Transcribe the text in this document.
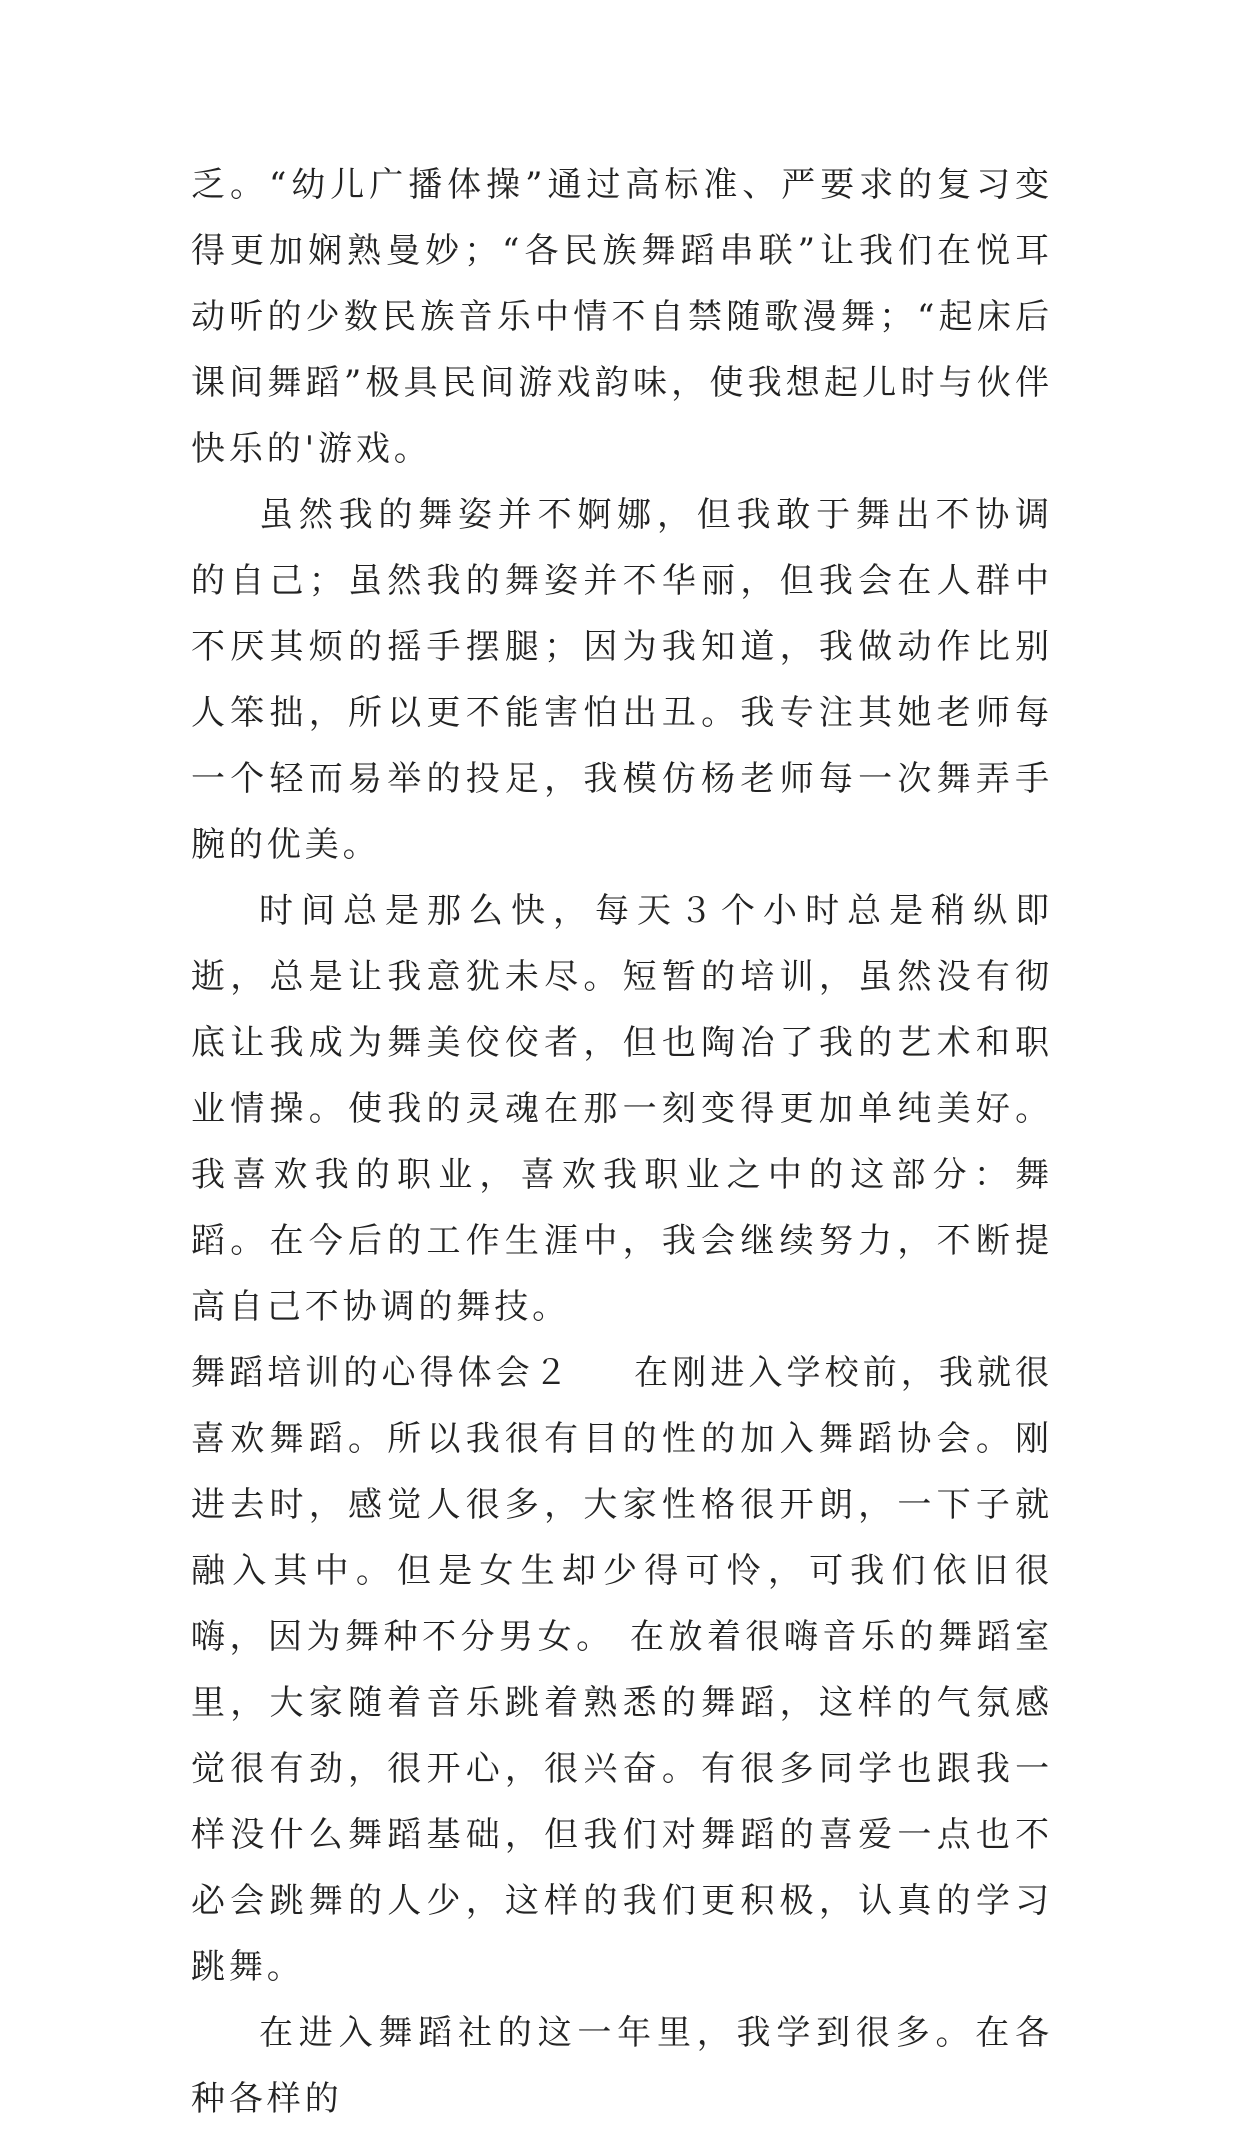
乏。“幼儿广播体操”通过高标准、严要求的复习变得更加娴熟曼妙；“各民族舞蹈串联”让我们在悦耳动听的少数民族音乐中情不自禁随歌漫舞；“起床后课间舞蹈”极具民间游戏韵味，使我想起儿时与伙伴快乐的'游戏。

虽然我的舞姿并不婀娜，但我敢于舞出不协调的自己；虽然我的舞姿并不华丽，但我会在人群中不厌其烦的摇手摆腿；因为我知道，我做动作比别人笨拙，所以更不能害怕出丑。我专注其她老师每一个轻而易举的投足，我模仿杨老师每一次舞弄手腕的优美。

时间总是那么快，每天３个小时总是稍纵即逝，总是让我意犹未尽。短暂的培训，虽然没有彻底让我成为舞美佼佼者，但也陶冶了我的艺术和职业情操。使我的灵魂在那一刻变得更加单纯美好。我喜欢我的职业，喜欢我职业之中的这部分：舞蹈。在今后的工作生涯中，我会继续努力，不断提高自己不协调的舞技。

舞蹈培训的心得体会２ 在刚进入学校前，我就很喜欢舞蹈。所以我很有目的性的加入舞蹈协会。刚进去时，感觉人很多，大家性格很开朗，一下子就融入其中。但是女生却少得可怜，可我们依旧很嗨，因为舞种不分男女。 在放着很嗨音乐的舞蹈室里，大家随着音乐跳着熟悉的舞蹈，这样的气氛感觉很有劲，很开心，很兴奋。有很多同学也跟我一样没什么舞蹈基础，但我们对舞蹈的喜爱一点也不必会跳舞的人少，这样的我们更积极，认真的学习跳舞。

在进入舞蹈社的这一年里，我学到很多。在各种各样的
